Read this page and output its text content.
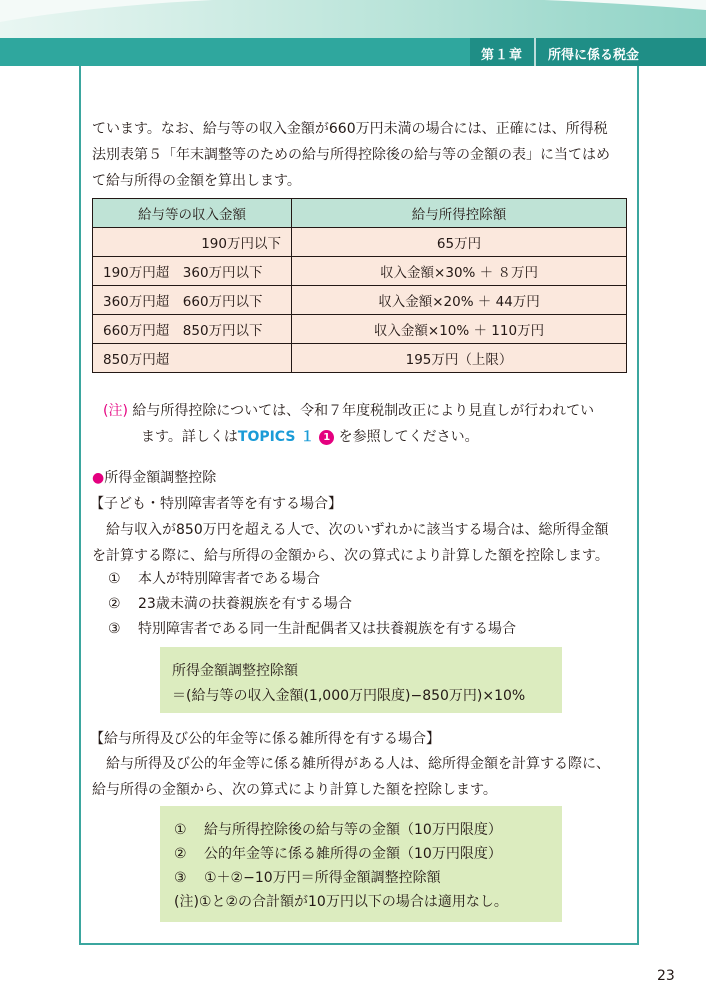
第１章 所得に係る税金
ています。なお、給与等の収入金額が660万円未満の場合には、正確には、所得税
法別表第５「年末調整等のための給与所得控除後の給与等の金額の表」に当てはめ
て給与所得の金額を算出します。
給与等の収入金額	給与所得控除額
190万円以下	65万円
190万円超　360万円以下	収入金額×30% ＋ ８万円
360万円超　660万円以下	収入金額×20% ＋ 44万円
660万円超　850万円以下	収入金額×10% ＋ 110万円
850万円超	195万円（上限）
(注) 給与所得控除については、令和７年度税制改正により見直しが行われてい
ます。詳しくはTOPICS １ 1 を参照してください。
●所得金額調整控除
【子ども・特別障害者等を有する場合】
給与収入が850万円を超える人で、次のいずれかに該当する場合は、総所得金額
を計算する際に、給与所得の金額から、次の算式により計算した額を控除します。
① 本人が特別障害者である場合
② 23歳未満の扶養親族を有する場合
③ 特別障害者である同一生計配偶者又は扶養親族を有する場合
所得金額調整控除額
＝(給与等の収入金額(1,000万円限度)−850万円)×10%
【給与所得及び公的年金等に係る雑所得を有する場合】
給与所得及び公的年金等に係る雑所得がある人は、総所得金額を計算する際に、
給与所得の金額から、次の算式により計算した額を控除します。
① 給与所得控除後の給与等の金額（10万円限度）
② 公的年金等に係る雑所得の金額（10万円限度）
③ ①＋②−10万円＝所得金額調整控除額
(注)①と②の合計額が10万円以下の場合は適用なし。
23
